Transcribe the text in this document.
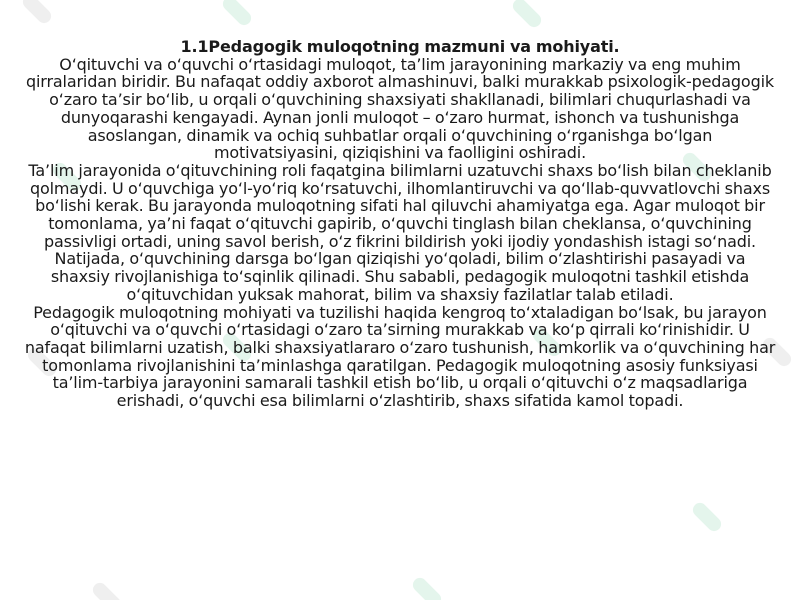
1.1Pedagogik muloqotning mazmuni va mohiyati.

O‘qituvchi va o‘quvchi o‘rtasidagi muloqot, ta’lim jarayonining markaziy va eng muhim qirralaridan biridir. Bu nafaqat oddiy axborot almashinuvi, balki murakkab psixologik-pedagogik o‘zaro ta’sir bo‘lib, u orqali o‘quvchining shaxsiyati shakllanadi, bilimlari chuqurlashadi va dunyoqarashi kengayadi. Aynan jonli muloqot – o‘zaro hurmat, ishonch va tushunishga asoslangan, dinamik va ochiq suhbatlar orqali o‘quvchining o‘rganishga bo‘lgan motivatsiyasini, qiziqishini va faolligini oshiradi.

Ta’lim jarayonida o‘qituvchining roli faqatgina bilimlarni uzatuvchi shaxs bo‘lish bilan cheklanib qolmaydi. U o‘quvchiga yo‘l-yo‘riq ko‘rsatuvchi, ilhomlantiruvchi va qo‘llab-quvvatlovchi shaxs bo‘lishi kerak. Bu jarayonda muloqotning sifati hal qiluvchi ahamiyatga ega. Agar muloqot bir tomonlama, ya’ni faqat o‘qituvchi gapirib, o‘quvchi tinglash bilan cheklansa, o‘quvchining passivligi ortadi, uning savol berish, o‘z fikrini bildirish yoki ijodiy yondashish istagi so‘nadi. Natijada, o‘quvchining darsga bo‘lgan qiziqishi yo‘qoladi, bilim o‘zlashtirishi pasayadi va shaxsiy rivojlanishiga to‘sqinlik qilinadi. Shu sababli, pedagogik muloqotni tashkil etishda o‘qituvchidan yuksak mahorat, bilim va shaxsiy fazilatlar talab etiladi.

Pedagogik muloqotning mohiyati va tuzilishi haqida kengroq to‘xtaladigan bo‘lsak, bu jarayon o‘qituvchi va o‘quvchi o‘rtasidagi o‘zaro ta’sirning murakkab va ko‘p qirrali ko‘rinishidir. U nafaqat bilimlarni uzatish, balki shaxsiyatlararo o‘zaro tushunish, hamkorlik va o‘quvchining har tomonlama rivojlanishini ta’minlashga qaratilgan. Pedagogik muloqotning asosiy funksiyasi ta’lim-tarbiya jarayonini samarali tashkil etish bo‘lib, u orqali o‘qituvchi o‘z maqsadlariga erishadi, o‘quvchi esa bilimlarni o‘zlashtirib, shaxs sifatida kamol topadi.
